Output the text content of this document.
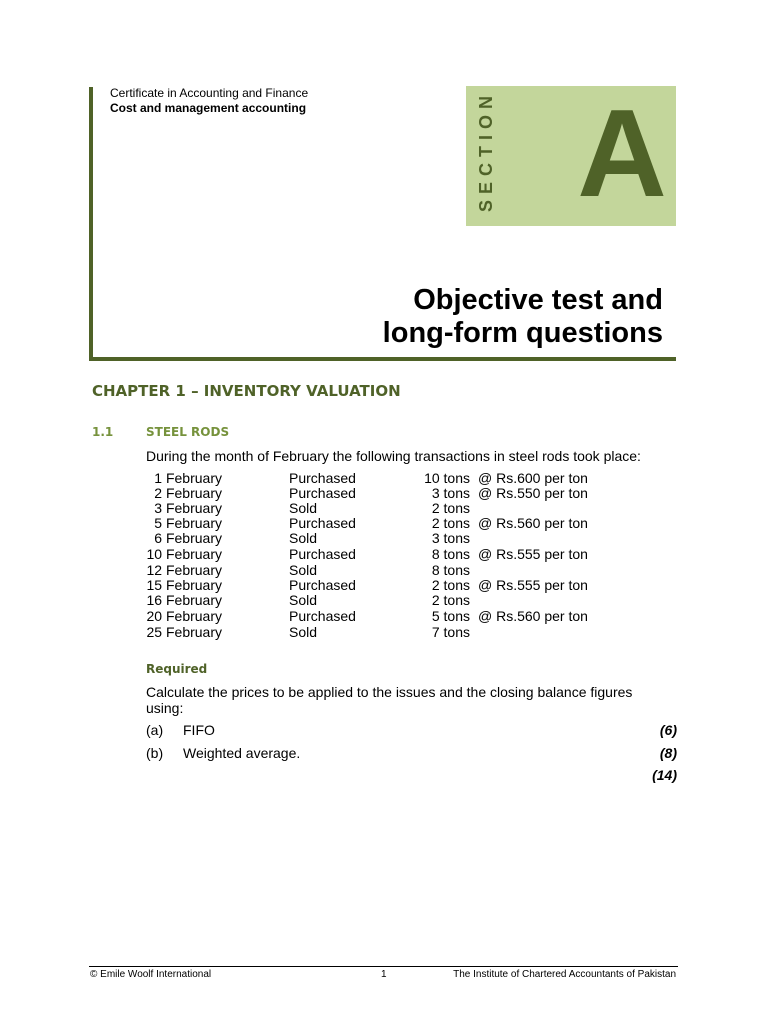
Certificate in Accounting and Finance
Cost and management accounting	SECTION A
Objective test and
long-form questions
CHAPTER 1 – INVENTORY VALUATION
1.1	STEEL RODS
During the month of February the following transactions in steel rods took place:
1 February	Purchased	10 tons @ Rs.600 per ton
2 February	Purchased	3 tons @ Rs.550 per ton
3 February	Sold	2 tons
5 February	Purchased	2 tons @ Rs.560 per ton
6 February	Sold	3 tons
10 February	Purchased	8 tons @ Rs.555 per ton
12 February	Sold	8 tons
15 February	Purchased	2 tons @ Rs.555 per ton
16 February	Sold	2 tons
20 February	Purchased	5 tons @ Rs.560 per ton
25 February	Sold	7 tons
Required
Calculate the prices to be applied to the issues and the closing balance figures using:
(a) FIFO	(6)
(b) Weighted average.	(8)
(14)
© Emile Woolf International	1	The Institute of Chartered Accountants of Pakistan
